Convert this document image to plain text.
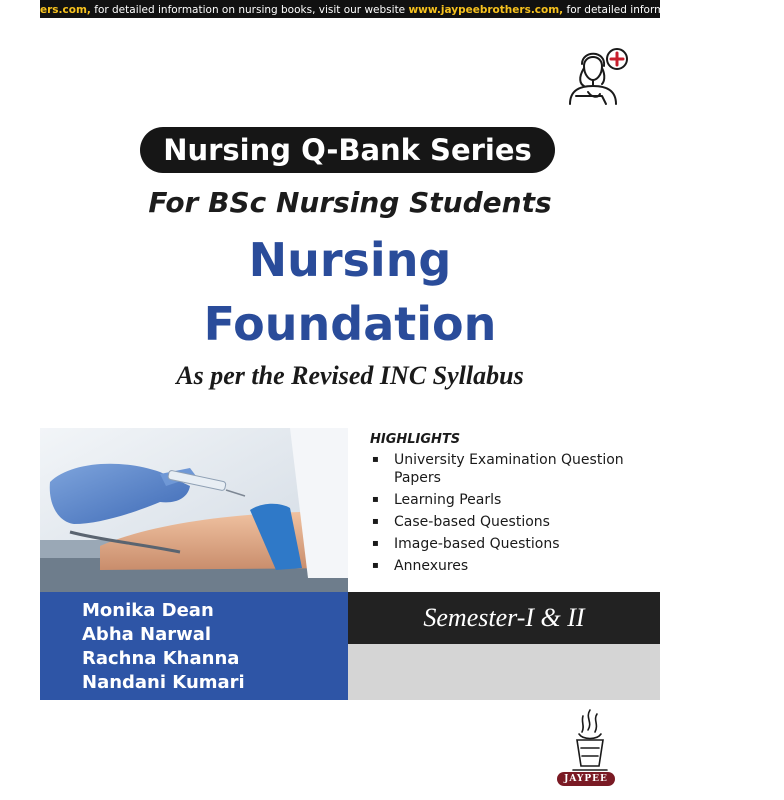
ers.com, for detailed information on nursing books, visit our website www.jaypeebrothers.com, for detailed information on nursing books
Nursing Q-Bank Series
For BSc Nursing Students
Nursing
Foundation
As per the Revised INC Syllabus
HIGHLIGHTS
▪ University Examination Question Papers
▪ Learning Pearls
▪ Case-based Questions
▪ Image-based Questions
▪ Annexures
Monika Dean
Abha Narwal
Rachna Khanna
Nandani Kumari
Semester-I & II
JAYPEE
